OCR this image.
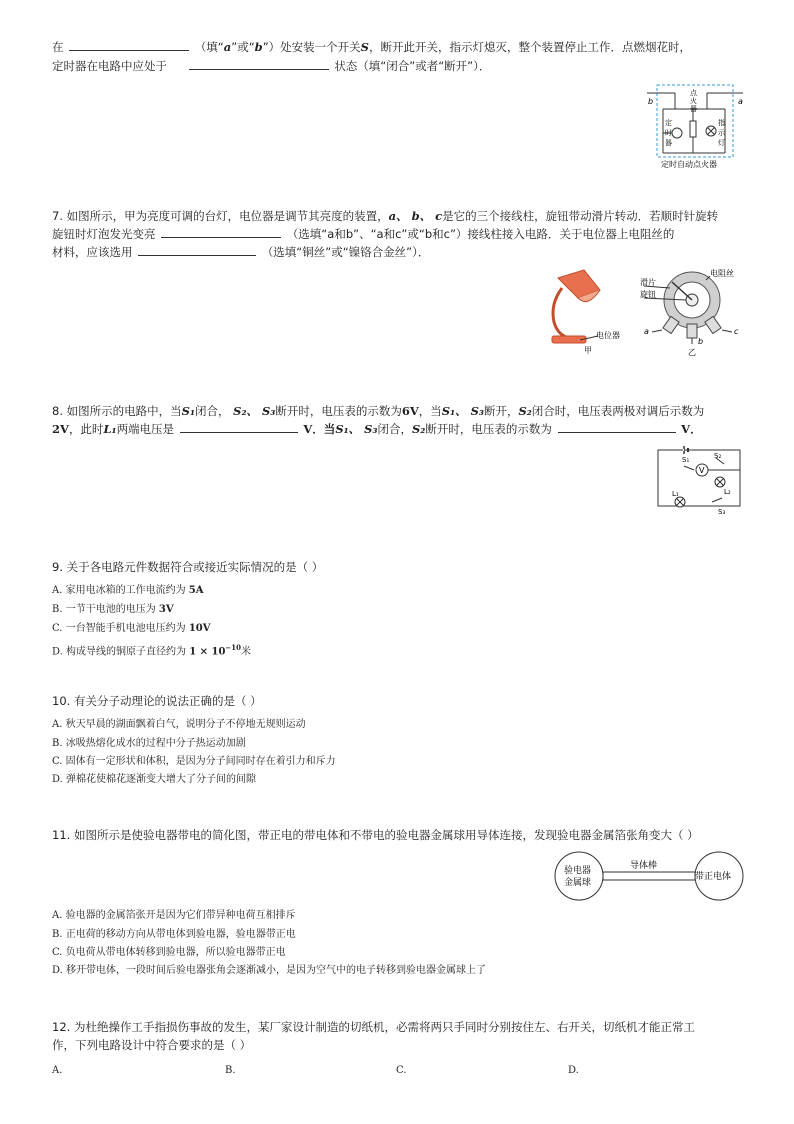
在	（填“a”或“b”）处安装一个开关S，断开此开关，指示灯熄灭，整个装置停止工作．点燃烟花时，
定时器在电路中应处于	状态（填“闭合”或者“断开”）．
b	a
点
火
器
定
时
器
指
示
灯
定时自动点火器
7. 如图所示，甲为亮度可调的台灯，电位器是调节其亮度的装置，a、 b、 c是它的三个接线柱，旋钮带动滑片转动．若顺时针旋转
旋钮时灯泡发光变亮	（选填“a和b”、“a和c”或“b和c”）接线柱接入电路．关于电位器上电阻丝的
材料，应该选用	（选填“铜丝”或“镍铬合金丝”）．
电位器
甲
滑片
旋钮
电阻丝
a
b
c
乙
8. 如图所示的电路中，当S₁闭合， S₂、 S₃断开时，电压表的示数为6V，当S₁、 S₃断开，S₂闭合时，电压表两极对调后示数为
2V，此时L₁两端电压是	V．当S₁、 S₃闭合，S₂断开时，电压表的示数为	V．
V
S₁	S₂
S₃
L₁	L₂
9. 关于各电路元件数据符合或接近实际情况的是（ ）
A. 家用电冰箱的工作电流约为 5A
B. 一节干电池的电压为 3V
C. 一台智能手机电池电压约为 10V
D. 构成导线的铜原子直径约为 $1 \times 10^{-10}$米
10. 有关分子动理论的说法正确的是（ ）
A. 秋天早晨的湖面飘着白气，说明分子不停地无规则运动
B. 冰吸热熔化成水的过程中分子热运动加剧
C. 固体有一定形状和体积，是因为分子间同时存在着引力和斥力
D. 弹棉花使棉花逐渐变大增大了分子间的间隙
11. 如图所示是使验电器带电的简化图，带正电的带电体和不带电的验电器金属球用导体连接，发现验电器金属箔张角变大（ ）
验电器
金属球
导体棒
带正电体
A. 验电器的金属箔张开是因为它们带异种电荷互相排斥
B. 正电荷的移动方向从带电体到验电器，验电器带正电
C. 负电荷从带电体转移到验电器，所以验电器带正电
D. 移开带电体，一段时间后验电器张角会逐渐减小，是因为空气中的电子转移到验电器金属球上了
12. 为杜绝操作工手指损伤事故的发生，某厂家设计制造的切纸机，必需将两只手同时分别按住左、右开关，切纸机才能正常工
作，下列电路设计中符合要求的是（ ）
A.	B.	C.	D.
